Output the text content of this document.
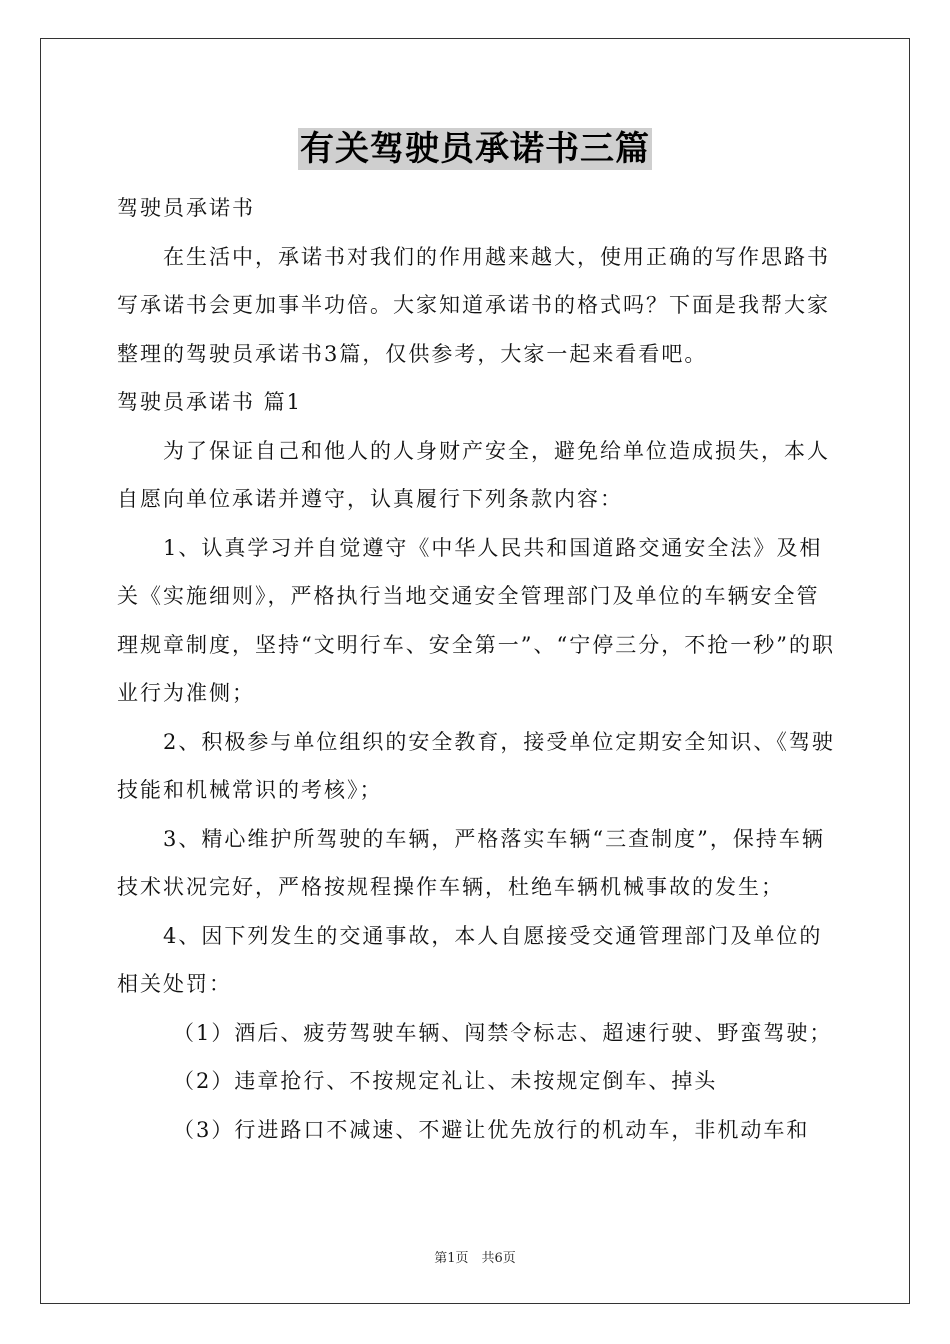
有关驾驶员承诺书三篇

驾驶员承诺书

在生活中，承诺书对我们的作用越来越大，使用正确的写作思路书写承诺书会更加事半功倍。大家知道承诺书的格式吗？下面是我帮大家整理的驾驶员承诺书3篇，仅供参考，大家一起来看看吧。

驾驶员承诺书 篇1

为了保证自己和他人的人身财产安全，避免给单位造成损失，本人自愿向单位承诺并遵守，认真履行下列条款内容：

1、认真学习并自觉遵守《中华人民共和国道路交通安全法》及相关《实施细则》，严格执行当地交通安全管理部门及单位的车辆安全管理规章制度，坚持“文明行车、安全第一”、“宁停三分，不抢一秒”的职业行为准侧；

2、积极参与单位组织的安全教育，接受单位定期安全知识、《驾驶技能和机械常识的考核》；

3、精心维护所驾驶的车辆，严格落实车辆“三查制度”，保持车辆技术状况完好，严格按规程操作车辆，杜绝车辆机械事故的发生；

4、因下列发生的交通事故，本人自愿接受交通管理部门及单位的相关处罚：

（1）酒后、疲劳驾驶车辆、闯禁令标志、超速行驶、野蛮驾驶；

（2）违章抢行、不按规定礼让、未按规定倒车、掉头

（3）行进路口不减速、不避让优先放行的机动车，非机动车和

第1页　共6页
